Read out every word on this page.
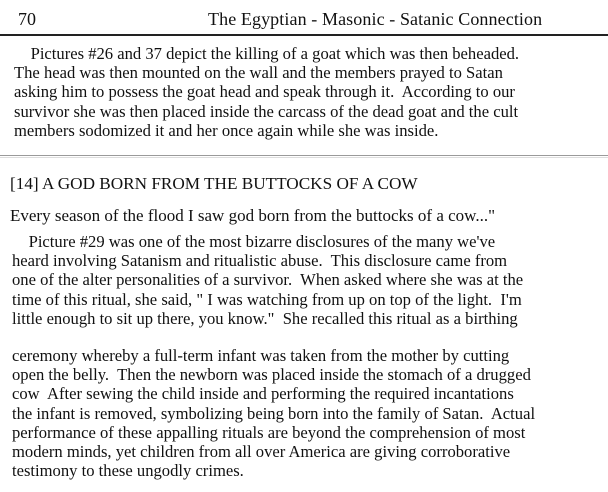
70	The Egyptian - Masonic - Satanic Connection
Pictures #26 and 37 depict the killing of a goat which was then beheaded.
The head was then mounted on the wall and the members prayed to Satan
asking him to possess the goat head and speak through it.  According to our
survivor she was then placed inside the carcass of the dead goat and the cult
members sodomized it and her once again while she was inside.
[14] A GOD BORN FROM THE BUTTOCKS OF A COW

Every season of the flood I saw god born from the buttocks of a cow..."

Picture #29 was one of the most bizarre disclosures of the many we've
heard involving Satanism and ritualistic abuse.  This disclosure came from
one of the alter personalities of a survivor.  When asked where she was at the
time of this ritual, she said, " I was watching from up on top of the light.  I'm
little enough to sit up there, you know."  She recalled this ritual as a birthing
ceremony whereby a full-term infant was taken from the mother by cutting
open the belly.  Then the newborn was placed inside the stomach of a drugged
cow  After sewing the child inside and performing the required incantations
the infant is removed, symbolizing being born into the family of Satan.  Actual
performance of these appalling rituals are beyond the comprehension of most
modern minds, yet children from all over America are giving corroborative
testimony to these ungodly crimes.
